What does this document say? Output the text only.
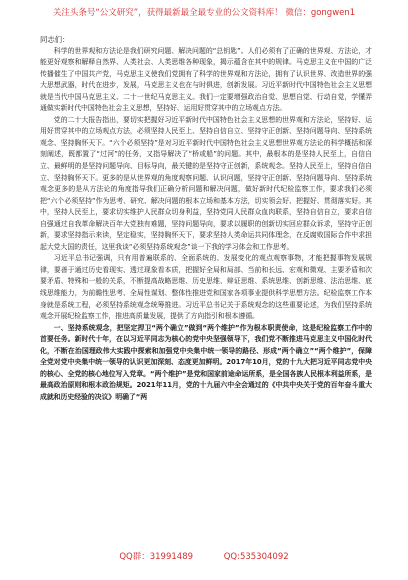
关注头条号“公文研究”，获得最新最全最专业的公文资料库！ 微信：gongwen1

同志们：

科学的世界观和方法论是我们研究问题、解决问题的“总钥匙”。人们必须有了正确的世界观、方法论，才能更好观察和解释自然界、人类社会、人类思维各种现象，揭示蕴含在其中的规律。马克思主义在中国的广泛传播催生了中国共产党，马克思主义使我们党拥有了科学的世界观和方法论，拥有了认识世界、改造世界的强大思想武器，时代在进步，发展，马克思主义也在与时俱进，创新发展。习近平新时代中国特色社会主义思想就是当代中国马克思主义、二十一世纪马克思主义。我们一定要增强政治自觉、思想自觉、行动自觉，学懂弄通做实新时代中国特色社会主义思想，坚持好、运用好贯穿其中的立场观点方法。

党的二十大报告指出，要切实把握好习近平新时代中国特色社会主义思想的世界观和方法论，坚持好、运用好贯穿其中的立场观点方法，必须坚持人民至上、坚持自信自立、坚持守正创新、坚持问题导向、坚持系统观念、坚持胸怀天下。“六个必须坚持”是对习近平新时代中国特色社会主义思想世界观方法论的科学概括和深刻阐述，既都置了“过河”的任务，又指导解决了“桥或船”的问题。其中，最根本的是坚持人民至上，自信自立、最鲜明的是坚持问题导向、目标导向，最关键的是坚持守正创新，系统观念。坚持人民至上，坚持自信自立、坚持胸怀天下。更多的是从世界观的角度观察问题、认识问题，坚持守正创新、坚持问题导向、坚持系统观念更多的是从方法论的角度指导我们正确分析问题和解决问题，做好新时代纪检监察工作，要求我们必须把“六个必须坚持”作为思考、研究、解决问题的根本立场和基本方法，切实领会好、把握好、贯彻落实好。其中，坚持人民至上，要求切实维护人民群众切身利益，坚持党同人民群众血肉联系，坚持自信自立，要求自信自强通过自我革命解决百年大党独有难题，坚持问题导向，要求以履职的创新切实回应群众诉求，坚持守正创新，要求坚持指示来读，坚定稳实，坚持胸怀天下，要求坚持人类命运共同体理念，在反腐败国际合作中求担起大党大国的责任，这里我谈“必须坚持系统观念”谈一下我的学习体会和工作思考。

习近平总书记强调，只有用普遍联系的、全面系统的、发展变化的观点观察事物，才能把握事物发展规律，要善于通过历史看现实、透过现象看本质，把握好全局和局部、当前和长远、宏观和微观、主要矛盾和次要矛盾、特殊和一般的关系，不断提高战略思维、历史思维、辩证思维、系统思维、创新思维、法治思维、底线思维能力，为前瞻性思考、全局性谋划、整体性推进党和国家各项事业提供科学思想方法。纪检监察工作本身就是系统工程，必须坚持系统观念统筹推进。习近平总书记关于系统观念的这些重要论述，为我们坚持系统观念开展纪检监察工作，推进高质量发展，提供了方向指引和根本遵循。

一、坚持系统观念，把坚定捍卫“两个确立”做到“两个维护”作为根本职责使命，这是纪检监察工作中的首要任务。新时代十年，在以习近平同志为核心的党中央坚强领导下，我们党不断推进马克思主义中国化时代化，不断在治国理政伟大实践中探索和加强党中央集中统一领导的路径、形成“两个确立”“两个维护”，保障全党对党中央集中统一领导的认识更加深刻、态度更加鲜明。2017年10月，党的十九大把习近平同志党中央的核心、全党的核心地位写入党章。“两个维护”是党和国家前途命运所系，是全国各族人民根本利益所系，是最高政治原则和根本政治规矩。2021年11月，党的十九届六中全会通过的《中共中央关于党的百年奋斗重大成就和历史经验的决议》明确了“两

QQ群：31991489	QQ:535304092
